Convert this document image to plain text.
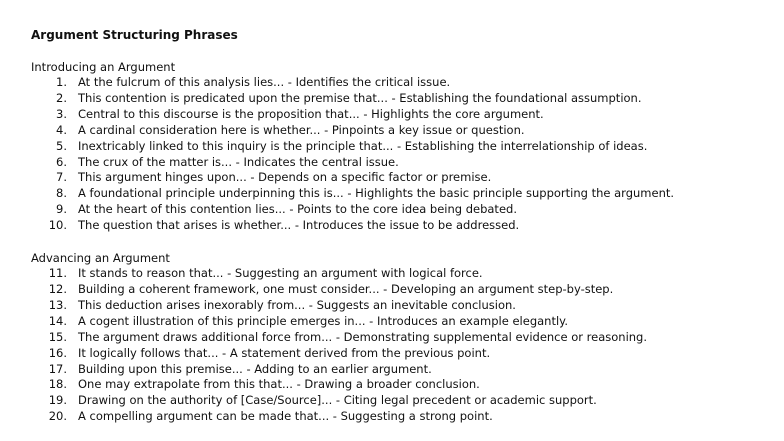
Argument Structuring Phrases
Introducing an Argument
1. At the fulcrum of this analysis lies... - Identifies the critical issue.
2. This contention is predicated upon the premise that... - Establishing the foundational assumption.
3. Central to this discourse is the proposition that... - Highlights the core argument.
4. A cardinal consideration here is whether... - Pinpoints a key issue or question.
5. Inextricably linked to this inquiry is the principle that... - Establishing the interrelationship of ideas.
6. The crux of the matter is... - Indicates the central issue.
7. This argument hinges upon... - Depends on a specific factor or premise.
8. A foundational principle underpinning this is... - Highlights the basic principle supporting the argument.
9. At the heart of this contention lies... - Points to the core idea being debated.
10. The question that arises is whether... - Introduces the issue to be addressed.
Advancing an Argument
11. It stands to reason that... - Suggesting an argument with logical force.
12. Building a coherent framework, one must consider... - Developing an argument step-by-step.
13. This deduction arises inexorably from... - Suggests an inevitable conclusion.
14. A cogent illustration of this principle emerges in... - Introduces an example elegantly.
15. The argument draws additional force from... - Demonstrating supplemental evidence or reasoning.
16. It logically follows that... - A statement derived from the previous point.
17. Building upon this premise... - Adding to an earlier argument.
18. One may extrapolate from this that... - Drawing a broader conclusion.
19. Drawing on the authority of [Case/Source]... - Citing legal precedent or academic support.
20. A compelling argument can be made that... - Suggesting a strong point.
